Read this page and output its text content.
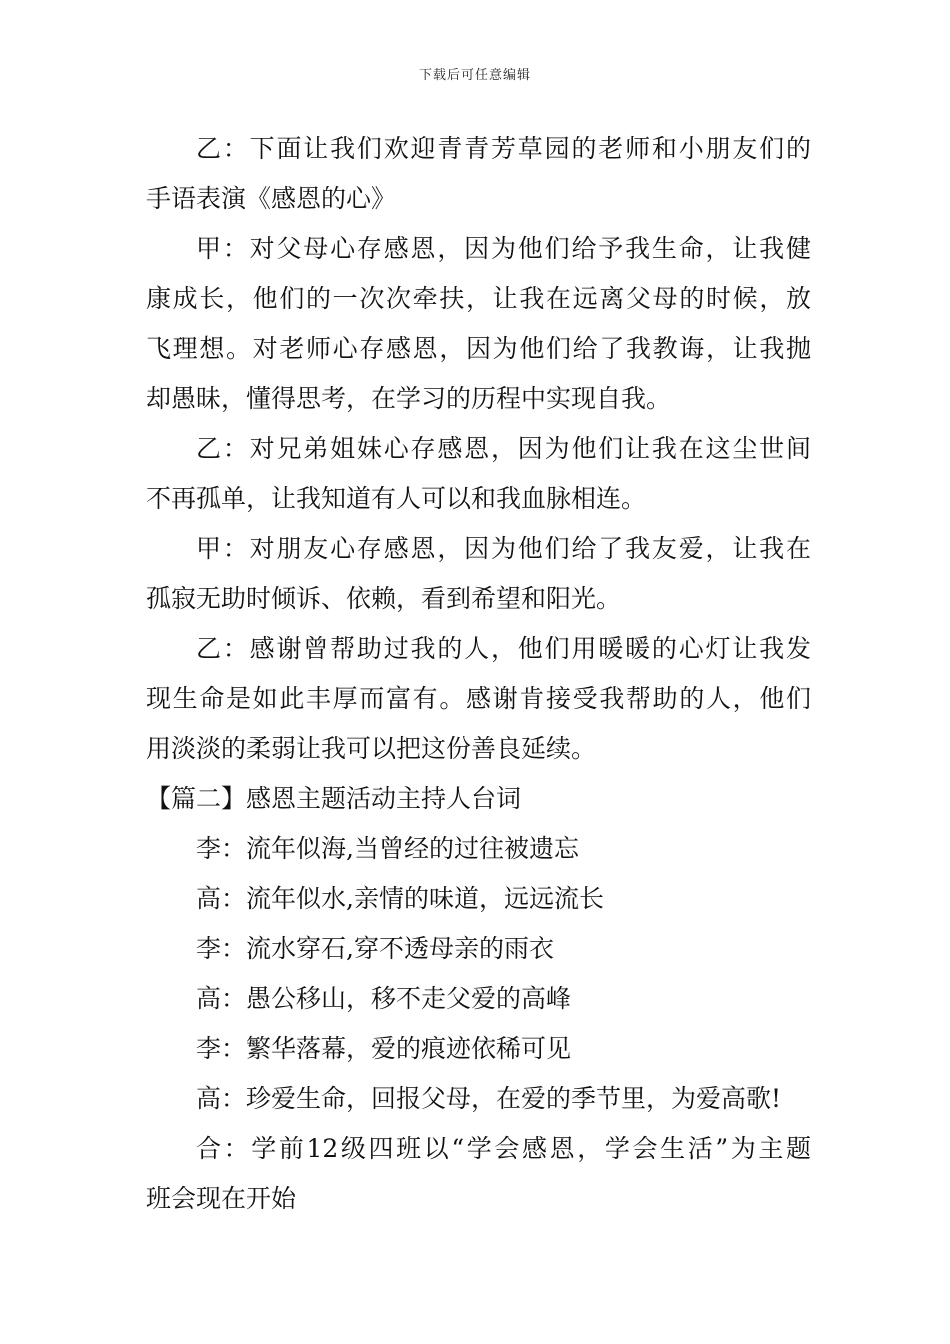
下载后可任意编辑
乙：下面让我们欢迎青青芳草园的老师和小朋友们的
手语表演《感恩的心》
甲：对父母心存感恩，因为他们给予我生命，让我健
康成长，他们的一次次牵扶，让我在远离父母的时候，放
飞理想。对老师心存感恩，因为他们给了我教诲，让我抛
却愚昧，懂得思考，在学习的历程中实现自我。
乙：对兄弟姐妹心存感恩，因为他们让我在这尘世间
不再孤单，让我知道有人可以和我血脉相连。
甲：对朋友心存感恩，因为他们给了我友爱，让我在
孤寂无助时倾诉、依赖，看到希望和阳光。
乙：感谢曾帮助过我的人，他们用暖暖的心灯让我发
现生命是如此丰厚而富有。感谢肯接受我帮助的人，他们
用淡淡的柔弱让我可以把这份善良延续。
【篇二】感恩主题活动主持人台词
李：流年似海,当曾经的过往被遗忘
高：流年似水,亲情的味道，远远流长
李：流水穿石,穿不透母亲的雨衣
高：愚公移山，移不走父爱的高峰
李：繁华落幕，爱的痕迹依稀可见
高：珍爱生命，回报父母，在爱的季节里，为爱高歌!
合：学前12级四班以“学会感恩，学会生活”为主题
班会现在开始
